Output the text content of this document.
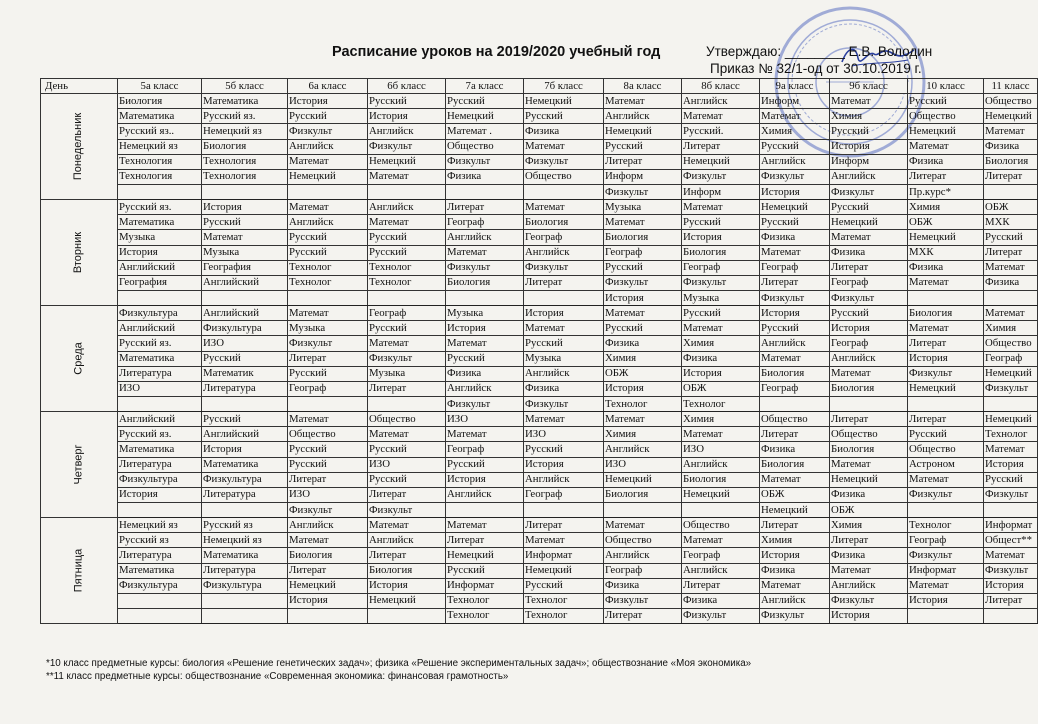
Расписание уроков на 2019/2020 учебный год	Утверждаю: ________ Е.В. Володин
Приказ № 32/1-од от 30.10.2019 г.
День	5а класс	5б класс	6а класс	6б класс	7а класс	7б класс	8а класс	8б класс	9а класс	9б класс	10 класс	11 класс
Понедельник	Биология	Математика	История	Русский	Русский	Немецкий	Математ	Английск	Информ	Математ	Русский	Общество
	Математика	Русский яз.	Русский	История	Немецкий	Русский	Английск	Математ	Математ	Химия	Общество	Немецкий
	Русский яз..	Немецкий яз	Физкульт	Английск	Математ .	Физика	Немецкий	Русский.	Химия	Русский	Немецкий	Математ
	Немецкий яз	Биология	Английск	Физкульт	Общество	Математ	Русский	Литерат	Русский	История	Математ	Физика
	Технология	Технология	Математ	Немецкий	Физкульт	Физкульт	Литерат	Немецкий	Английск	Информ	Физика	Биология
	Технология	Технология	Немецкий	Математ	Физика	Общество	Информ	Физкульт	Физкульт	Английск	Литерат	Литерат
							Физкульт	Информ	История	Физкульт	Пр.курс*	
Вторник	Русский яз.	История	Математ	Английск	Литерат	Математ	Музыка	Математ	Немецкий	Русский	Химия	ОБЖ
	Математика	Русский	Английск	Математ	Географ	Биология	Математ	Русский	Русский	Немецкий	ОБЖ	МХК
	Музыка	Математ	Русский	Русский	Английск	Географ	Биология	История	Физика	Математ	Немецкий	Русский
	История	Музыка	Русский	Русский	Математ	Английск	Географ	Биология	Математ	Физика	МХК	Литерат
	Английский	География	Технолог	Технолог	Физкульт	Физкульт	Русский	Географ	Географ	Литерат	Физика	Математ
	География	Английский	Технолог	Технолог	Биология	Литерат	Физкульт	Физкульт	Литерат	Географ	Математ	Физика
							История	Музыка	Физкульт	Физкульт		
Среда	Физкультура	Английский	Математ	Географ	Музыка	История	Математ	Русский	История	Русский	Биология	Математ
	Английский	Физкультура	Музыка	Русский	История	Математ	Русский	Математ	Русский	История	Математ	Химия
	Русский яз.	ИЗО	Физкульт	Математ	Математ	Русский	Физика	Химия	Английск	Географ	Литерат	Общество
	Математика	Русский	Литерат	Физкульт	Русский	Музыка	Химия	Физика	Математ	Английск	История	Географ
	Литература	Математик	Русский	Музыка	Физика	Английск	ОБЖ	История	Биология	Математ	Физкульт	Немецкий
	ИЗО	Литература	Географ	Литерат	Английск	Физика	История	ОБЖ	Географ	Биология	Немецкий	Физкульт
					Физкульт	Физкульт	Технолог	Технолог				
Четверг	Английский	Русский	Математ	Общество	ИЗО	Математ	Математ	Химия	Общество	Литерат	Литерат	Немецкий
	Русский яз.	Английский	Общество	Математ	Математ	ИЗО	Химия	Математ	Литерат	Общество	Русский	Технолог
	Математика	История	Русский	Русский	Географ	Русский	Английск	ИЗО	Физика	Биология	Общество	Математ
	Литература	Математика	Русский	ИЗО	Русский	История	ИЗО	Английск	Биология	Математ	Астроном	История
	Физкультура	Физкультура	Литерат	Русский	История	Английск	Немецкий	Биология	Математ	Немецкий	Математ	Русский
	История	Литература	ИЗО	Литерат	Английск	Географ	Биология	Немецкий	ОБЖ	Физика	Физкульт	Физкульт
			Физкульт	Физкульт					Немецкий	ОБЖ		
Пятница	Немецкий яз	Русский яз	Английск	Математ	Математ	Литерат	Математ	Общество	Литерат	Химия	Технолог	Информат
	Русский яз	Немецкий яз	Математ	Английск	Литерат	Математ	Общество	Математ	Химия	Литерат	Географ	Общест**
	Литература	Математика	Биология	Литерат	Немецкий	Информат	Английск	Географ	История	Физика	Физкульт	Математ
	Математика	Литература	Литерат	Биология	Русский	Немецкий	Географ	Английск	Физика	Математ	Информат	Физкульт
	Физкультура	Физкультура	Немецкий	История	Информат	Русский	Физика	Литерат	Математ	Английск	Математ	История
			История	Немецкий	Технолог	Технолог	Физкульт	Физика	Английск	Физкульт	История	Литерат
					Технолог	Технолог	Литерат	Физкульт	Физкульт	История		
*10 класс предметные курсы: биология «Решение генетических задач»; физика «Решение экспериментальных задач»; обществознание «Моя экономика»
**11 класс предметные курсы: обществознание «Современная экономика: финансовая грамотность»
